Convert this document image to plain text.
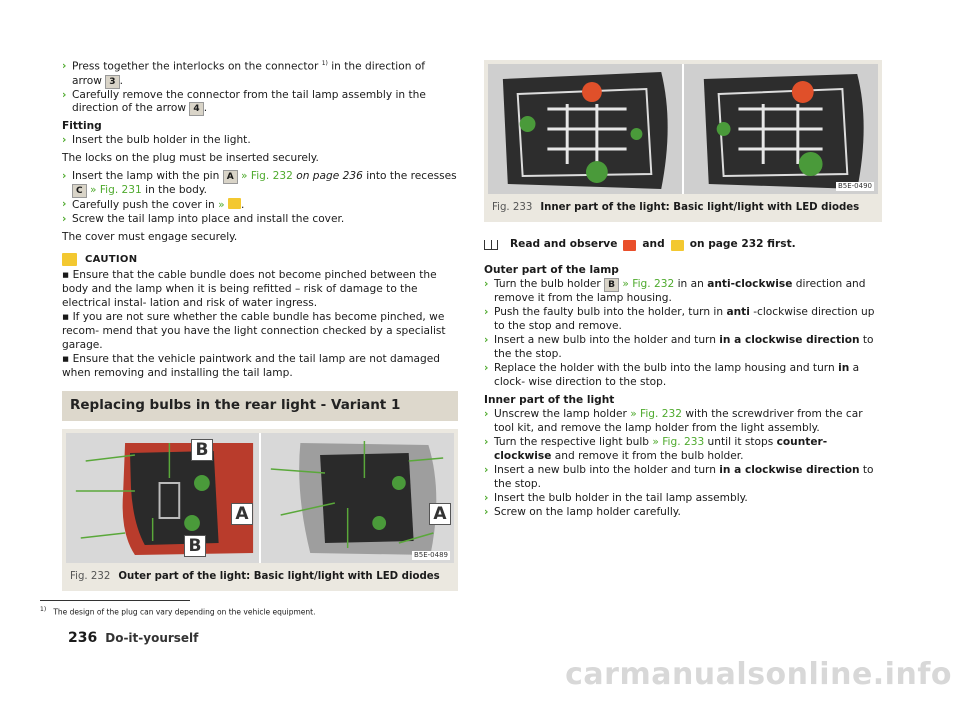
› Press together the interlocks on the connector $^{1)}$ in the direction of arrow 3 .
› Carefully remove the connector from the tail lamp assembly in the direction of the arrow 4 .
Fitting
› Insert the bulb holder in the light.
The locks on the plug must be inserted securely.
› Insert the lamp with the pin A » Fig. 232 on page 236 into the recesses C » Fig. 231 in the body.
› Carefully push the cover in » .
› Screw the tail lamp into place and install the cover.
The cover must engage securely.
CAUTION
▪ Ensure that the cable bundle does not become pinched between the body and the lamp when it is being refitted – risk of damage to the electrical instal- lation and risk of water ingress.
▪ If you are not sure whether the cable bundle has become pinched, we recom- mend that you have the light connection checked by a specialist garage.
▪ Ensure that the vehicle paintwork and the tail lamp are not damaged when removing and installing the tail lamp.
Replacing bulbs in the rear light - Variant 1
B
A
B
A
B5E-0489
Fig. 232 Outer part of the light: Basic light/light with LED diodes
B5E-0490
Fig. 233 Inner part of the light: Basic light/light with LED diodes
Read and observe and on page 232 first.
Outer part of the lamp
› Turn the bulb holder B » Fig. 232 in an anti-clockwise direction and remove it from the lamp housing.
› Push the faulty bulb into the holder, turn in anti -clockwise direction up to the stop and remove.
› Insert a new bulb into the holder and turn in a clockwise direction to the the stop.
› Replace the holder with the bulb into the lamp housing and turn in a clock- wise direction to the stop.
Inner part of the light
› Unscrew the lamp holder » Fig. 232 with the screwdriver from the car tool kit, and remove the lamp holder from the light assembly.
› Turn the respective light bulb » Fig. 233 until it stops counter-clockwise and remove it from the bulb holder.
› Insert a new bulb into the holder and turn in a clockwise direction to the stop.
› Insert the bulb holder in the tail lamp assembly.
› Screw on the lamp holder carefully.
$^{1)}$ The design of the plug can vary depending on the vehicle equipment.
236 Do-it-yourself
carmanualsonline.info
